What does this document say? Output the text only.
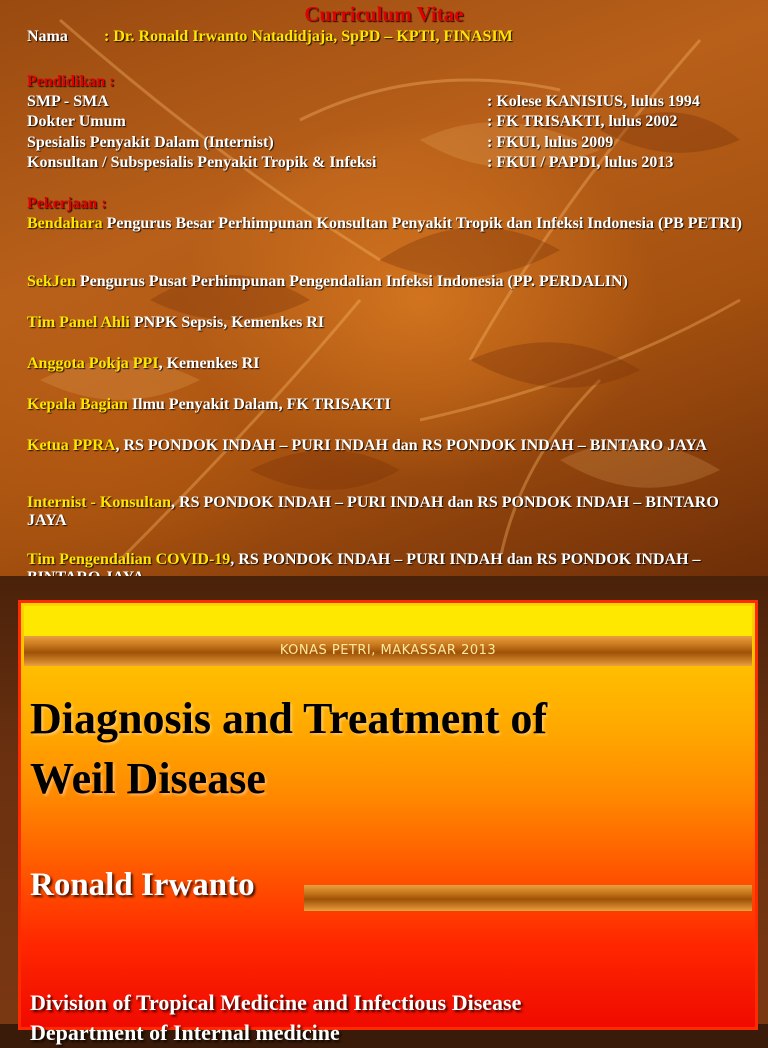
Curriculum Vitae
Nama : Dr. Ronald Irwanto Natadidjaja, SpPD – KPTI, FINASIM
Pendidikan :
SMP - SMA	: Kolese KANISIUS, lulus 1994
Dokter Umum	: FK TRISAKTI, lulus 2002
Spesialis Penyakit Dalam (Internist)	: FKUI, lulus 2009
Konsultan / Subspesialis Penyakit Tropik & Infeksi	: FKUI / PAPDI, lulus 2013
Pekerjaan :
Bendahara Pengurus Besar Perhimpunan Konsultan Penyakit Tropik dan Infeksi Indonesia (PB PETRI)
SekJen Pengurus Pusat Perhimpunan Pengendalian Infeksi Indonesia (PP. PERDALIN)
Tim Panel Ahli PNPK Sepsis, Kemenkes RI
Anggota Pokja PPI, Kemenkes RI
Kepala Bagian Ilmu Penyakit Dalam, FK TRISAKTI
Ketua PPRA, RS PONDOK INDAH – PURI INDAH dan RS PONDOK INDAH – BINTARO JAYA
Internist - Konsultan, RS PONDOK INDAH – PURI INDAH dan RS PONDOK INDAH – BINTARO JAYA
Tim Pengendalian COVID-19, RS PONDOK INDAH – PURI INDAH dan RS PONDOK INDAH –
KONAS PETRI, MAKASSAR 2013
Diagnosis and Treatment of
Weil Disease
Ronald Irwanto
Division of Tropical Medicine and Infectious Disease
Department of Internal medicine
